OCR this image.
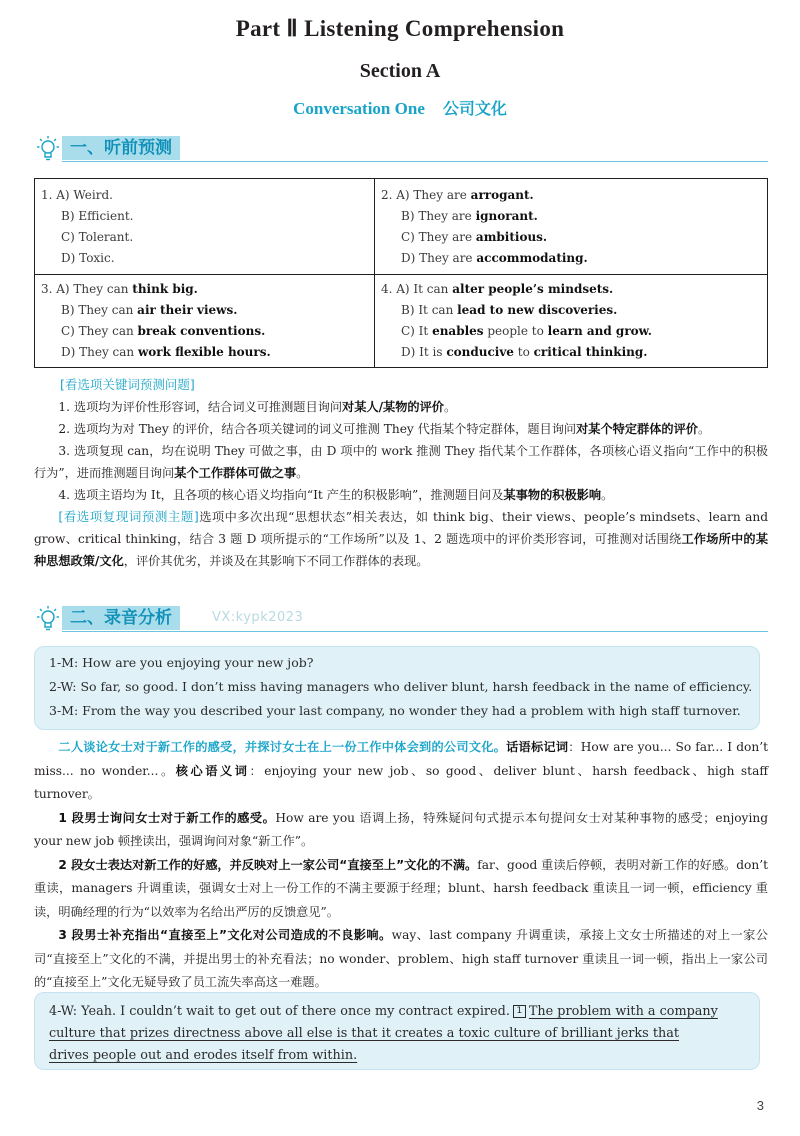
Part Ⅱ Listening Comprehension
Section A
Conversation One 公司文化
一、听前预测
1. A) Weird.
B) Efficient.
C) Tolerant.
D) Toxic.
2. A) They are arrogant.
B) They are ignorant.
C) They are ambitious.
D) They are accommodating.
3. A) They can think big.
B) They can air their views.
C) They can break conventions.
D) They can work flexible hours.
4. A) It can alter people’s mindsets.
B) It can lead to new discoveries.
C) It enables people to learn and grow.
D) It is conducive to critical thinking.
[看选项关键词预测问题]

1. 选项均为评价性形容词，结合词义可推测题目询问对某人/某物的评价。

2. 选项均为对 They 的评价，结合各项关键词的词义可推测 They 代指某个特定群体，题目询问对某个特定群体的评价。

3. 选项复现 can，均在说明 They 可做之事，由 D 项中的 work 推测 They 指代某个工作群体，各项核心语义指向“工作中的积极行为”，进而推测题目询问某个工作群体可做之事。

4. 选项主语均为 It，且各项的核心语义均指向“It 产生的积极影响”，推测题目问及某事物的积极影响。

[看选项复现词预测主题]选项中多次出现“思想状态”相关表达，如 think big、their views、people’s mindsets、learn and grow、critical thinking，结合 3 题 D 项所提示的“工作场所”以及 1、2 题选项中的评价类形容词，可推测对话围绕工作场所中的某种思想政策/文化，评价其优劣，并谈及在其影响下不同工作群体的表现。

二、录音分析	VX:kypk2023
1-M: How are you enjoying your new job?
2-W: So far, so good. I don’t miss having managers who deliver blunt, harsh feedback in the name of efficiency.
3-M: From the way you described your last company, no wonder they had a problem with high staff turnover.

二人谈论女士对于新工作的感受，并探讨女士在上一份工作中体会到的公司文化。话语标记词：How are you... So far... I don’t miss... no wonder...。核心语义词：enjoying your new job、so good、deliver blunt、harsh feedback、high staff turnover。

1 段男士询问女士对于新工作的感受。How are you 语调上扬，特殊疑问句式提示本句提问女士对某种事物的感受；enjoying your new job 顿挫读出，强调询问对象“新工作”。

2 段女士表达对新工作的好感，并反映对上一家公司“直接至上”文化的不满。far、good 重读后停顿，表明对新工作的好感。don’t 重读，managers 升调重读，强调女士对上一份工作的不满主要源于经理；blunt、harsh feedback 重读且一词一顿，efficiency 重读，明确经理的行为“以效率为名给出严厉的反馈意见”。

3 段男士补充指出“直接至上”文化对公司造成的不良影响。way、last company 升调重读，承接上文女士所描述的对上一家公司“直接至上”文化的不满，并提出男士的补充看法；no wonder、problem、high staff turnover 重读且一词一顿，指出上一家公司的“直接至上”文化无疑导致了员工流失率高这一难题。

4-W: Yeah. I couldn’t wait to get out of there once my contract expired. 1 The problem with a company
culture that prizes directness above all else is that it creates a toxic culture of brilliant jerks that
drives people out and erodes itself from within.
3
